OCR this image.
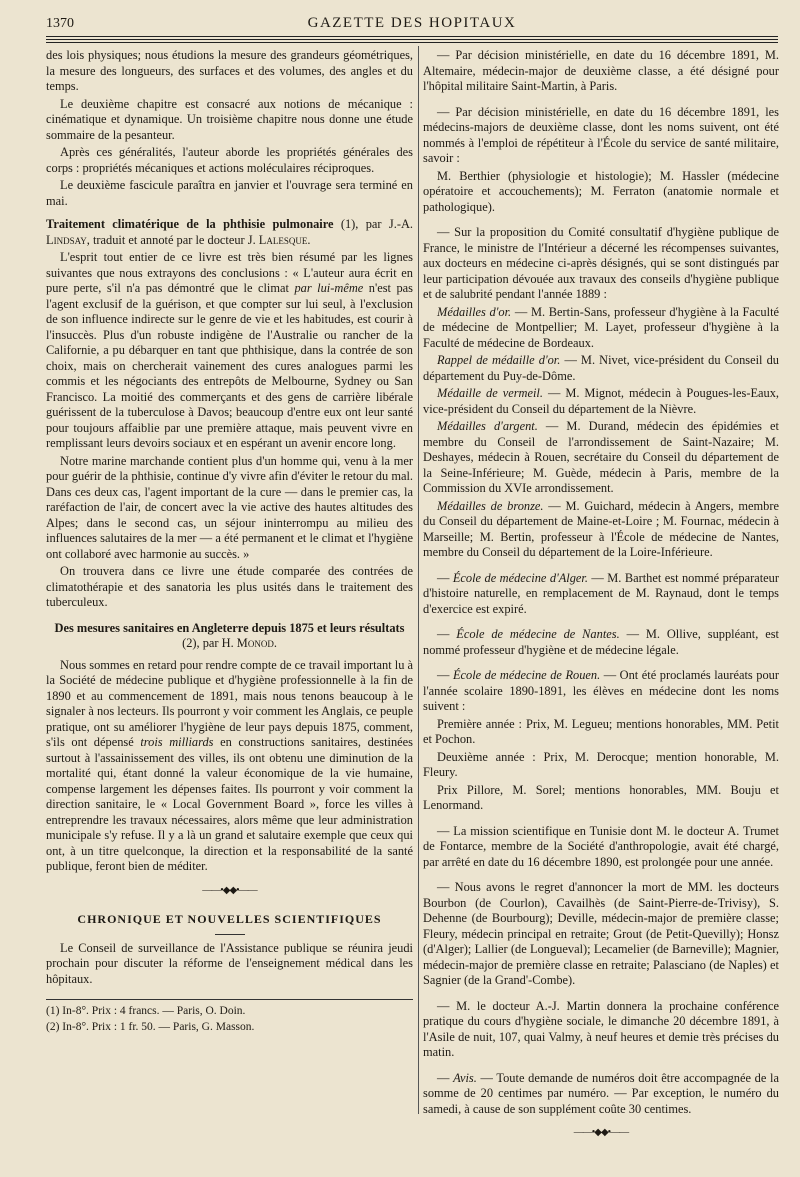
1370	GAZETTE DES HOPITAUX

des lois physiques; nous étudions la mesure des grandeurs géométriques, la mesure des longueurs, des surfaces et des volumes, des angles et du temps.

Le deuxième chapitre est consacré aux notions de mécanique : cinématique et dynamique. Un troisième chapitre nous donne une étude sommaire de la pesanteur.

Après ces généralités, l'auteur aborde les propriétés générales des corps : propriétés mécaniques et actions moléculaires réciproques.

Le deuxième fascicule paraîtra en janvier et l'ouvrage sera terminé en mai.

Traitement climatérique de la phthisie pulmonaire (1), par J.-A. Lindsay, traduit et annoté par le docteur J. Lalesque.

L'esprit tout entier de ce livre est très bien résumé par les lignes suivantes que nous extrayons des conclusions : « L'auteur aura écrit en pure perte, s'il n'a pas démontré que le climat par lui-même n'est pas l'agent exclusif de la guérison, et que compter sur lui seul, à l'exclusion de son influence indirecte sur le genre de vie et les habitudes, est courir à l'insuccès. Plus d'un robuste indigène de l'Australie ou rancher de la Californie, a pu débarquer en tant que phthisique, dans la contrée de son choix, mais on chercherait vainement des cures analogues parmi les commis et les négociants des entrepôts de Melbourne, Sydney ou San Francisco. La moitié des commerçants et des gens de carrière libérale guérissent de la tuberculose à Davos; beaucoup d'entre eux ont leur santé pour toujours affaiblie par une première attaque, mais peuvent vivre en remplissant leurs devoirs sociaux et en espérant un avenir encore long.

Notre marine marchande contient plus d'un homme qui, venu à la mer pour guérir de la phthisie, continue d'y vivre afin d'éviter le retour du mal. Dans ces deux cas, l'agent important de la cure — dans le premier cas, la raréfaction de l'air, de concert avec la vie active des hautes altitudes des Alpes; dans le second cas, un séjour ininterrompu au milieu des influences salutaires de la mer — a été permanent et le climat et l'hygiène ont collaboré avec harmonie au succès. »

On trouvera dans ce livre une étude comparée des contrées de climatothérapie et des sanatoria les plus usités dans le traitement des tuberculeux.

Des mesures sanitaires en Angleterre depuis 1875 et leurs résultats (2), par H. Monod.

Nous sommes en retard pour rendre compte de ce travail important lu à la Société de médecine publique et d'hygiène professionnelle à la fin de 1890 et au commencement de 1891, mais nous tenons beaucoup à le signaler à nos lecteurs. Ils pourront y voir comment les Anglais, ce peuple pratique, ont su améliorer l'hygiène de leur pays depuis 1875, comment, s'ils ont dépensé trois milliards en constructions sanitaires, destinées surtout à l'assainissement des villes, ils ont obtenu une diminution de la mortalité qui, étant donné la valeur économique de la vie humaine, compense largement les dépenses faites. Ils pourront y voir comment la direction sanitaire, le « Local Government Board », force les villes à entreprendre les travaux nécessaires, alors même que leur administration municipale s'y refuse. Il y a là un grand et salutaire exemple que ceux qui ont, à un titre quelconque, la direction et la responsabilité de la santé publique, feront bien de méditer.

——•◆◆•——
CHRONIQUE ET NOUVELLES SCIENTIFIQUES

Le Conseil de surveillance de l'Assistance publique se réunira jeudi prochain pour discuter la réforme de l'enseignement médical dans les hôpitaux.

(1) In-8°. Prix : 4 francs. — Paris, O. Doin.

(2) In-8°. Prix : 1 fr. 50. — Paris, G. Masson.

— Par décision ministérielle, en date du 16 décembre 1891, M. Altemaire, médecin-major de deuxième classe, a été désigné pour l'hôpital militaire Saint-Martin, à Paris.

— Par décision ministérielle, en date du 16 décembre 1891, les médecins-majors de deuxième classe, dont les noms suivent, ont été nommés à l'emploi de répétiteur à l'École du service de santé militaire, savoir :

M. Berthier (physiologie et histologie); M. Hassler (médecine opératoire et accouchements); M. Ferraton (anatomie normale et pathologique).

— Sur la proposition du Comité consultatif d'hygiène publique de France, le ministre de l'Intérieur a décerné les récompenses suivantes, aux docteurs en médecine ci-après désignés, qui se sont distingués par leur participation dévouée aux travaux des conseils d'hygiène publique et de salubrité pendant l'année 1889 :

Médailles d'or. — M. Bertin-Sans, professeur d'hygiène à la Faculté de médecine de Montpellier; M. Layet, professeur d'hygiène à la Faculté de médecine de Bordeaux.

Rappel de médaille d'or. — M. Nivet, vice-président du Conseil du département du Puy-de-Dôme.

Médaille de vermeil. — M. Mignot, médecin à Pougues-les-Eaux, vice-président du Conseil du département de la Nièvre.

Médailles d'argent. — M. Durand, médecin des épidémies et membre du Conseil de l'arrondissement de Saint-Nazaire; M. Deshayes, médecin à Rouen, secrétaire du Conseil du département de la Seine-Inférieure; M. Guède, médecin à Paris, membre de la Commission du XVIe arrondissement.

Médailles de bronze. — M. Guichard, médecin à Angers, membre du Conseil du département de Maine-et-Loire ; M. Fournac, médecin à Marseille; M. Bertin, professeur à l'École de médecine de Nantes, membre du Conseil du département de la Loire-Inférieure.

— École de médecine d'Alger. — M. Barthet est nommé préparateur d'histoire naturelle, en remplacement de M. Raynaud, dont le temps d'exercice est expiré.

— École de médecine de Nantes. — M. Ollive, suppléant, est nommé professeur d'hygiène et de médecine légale.

— École de médecine de Rouen. — Ont été proclamés lauréats pour l'année scolaire 1890-1891, les élèves en médecine dont les noms suivent :

Première année : Prix, M. Legueu; mentions honorables, MM. Petit et Pochon.

Deuxième année : Prix, M. Derocque; mention honorable, M. Fleury.

Prix Pillore, M. Sorel; mentions honorables, MM. Bouju et Lenormand.

— La mission scientifique en Tunisie dont M. le docteur A. Trumet de Fontarce, membre de la Société d'anthropologie, avait été chargé, par arrêté en date du 16 décembre 1890, est prolongée pour une année.

— Nous avons le regret d'annoncer la mort de MM. les docteurs Bourbon (de Courlon), Cavailhès (de Saint-Pierre-de-Trivisy), S. Dehenne (de Bourbourg); Deville, médecin-major de première classe; Fleury, médecin principal en retraite; Grout (de Petit-Quevilly); Honsz (d'Alger); Lallier (de Longueval); Lecamelier (de Barneville); Magnier, médecin-major de première classe en retraite; Palasciano (de Naples) et Sagnier (de la Grand'-Combe).

— M. le docteur A.-J. Martin donnera la prochaine conférence pratique du cours d'hygiène sociale, le dimanche 20 décembre 1891, à l'Asile de nuit, 107, quai Valmy, à neuf heures et demie très précises du matin.

— Avis. — Toute demande de numéros doit être accompagnée de la somme de 20 centimes par numéro. — Par exception, le numéro du samedi, à cause de son supplément coûte 30 centimes.

——•◆◆•——
